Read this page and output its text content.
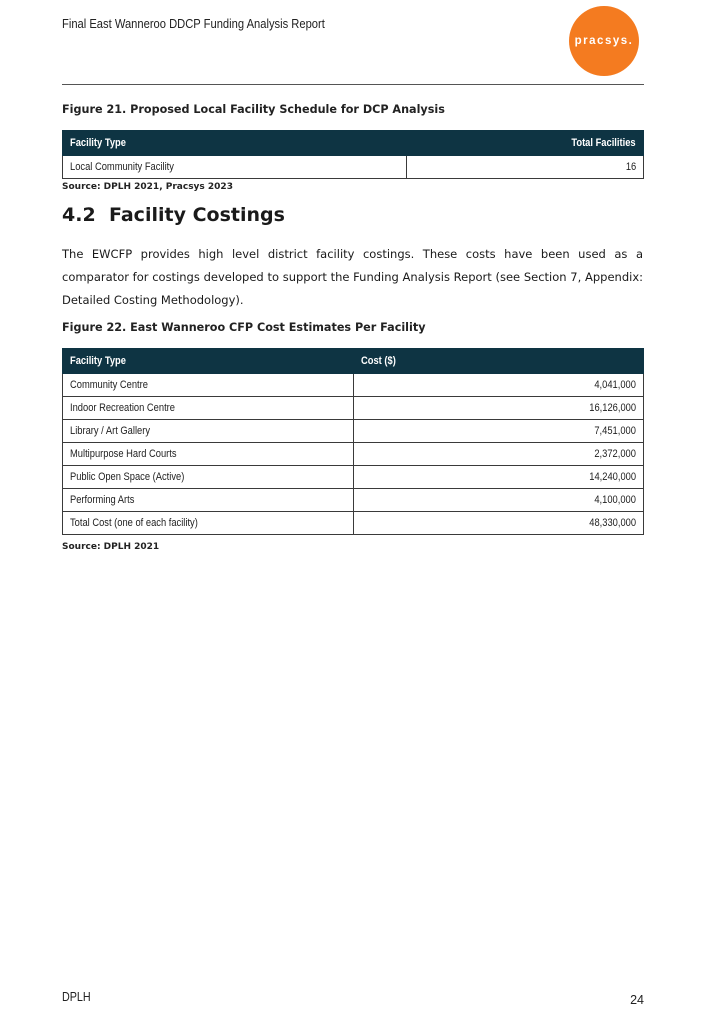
Final East Wanneroo DDCP Funding Analysis Report
pracsys.
Figure 21. Proposed Local Facility Schedule for DCP Analysis
Facility Type	Total Facilities
Local Community Facility	16
Source: DPLH 2021, Pracsys 2023
4.2 Facility Costings

The EWCFP provides high level district facility costings. These costs have been used as a comparator for costings developed to support the Funding Analysis Report (see Section 7, Appendix: Detailed Costing Methodology).

Figure 22. East Wanneroo CFP Cost Estimates Per Facility
Facility Type	Cost ($)
Community Centre	4,041,000
Indoor Recreation Centre	16,126,000
Library / Art Gallery	7,451,000
Multipurpose Hard Courts	2,372,000
Public Open Space (Active)	14,240,000
Performing Arts	4,100,000
Total Cost (one of each facility)	48,330,000
Source: DPLH 2021
DPLH	24
